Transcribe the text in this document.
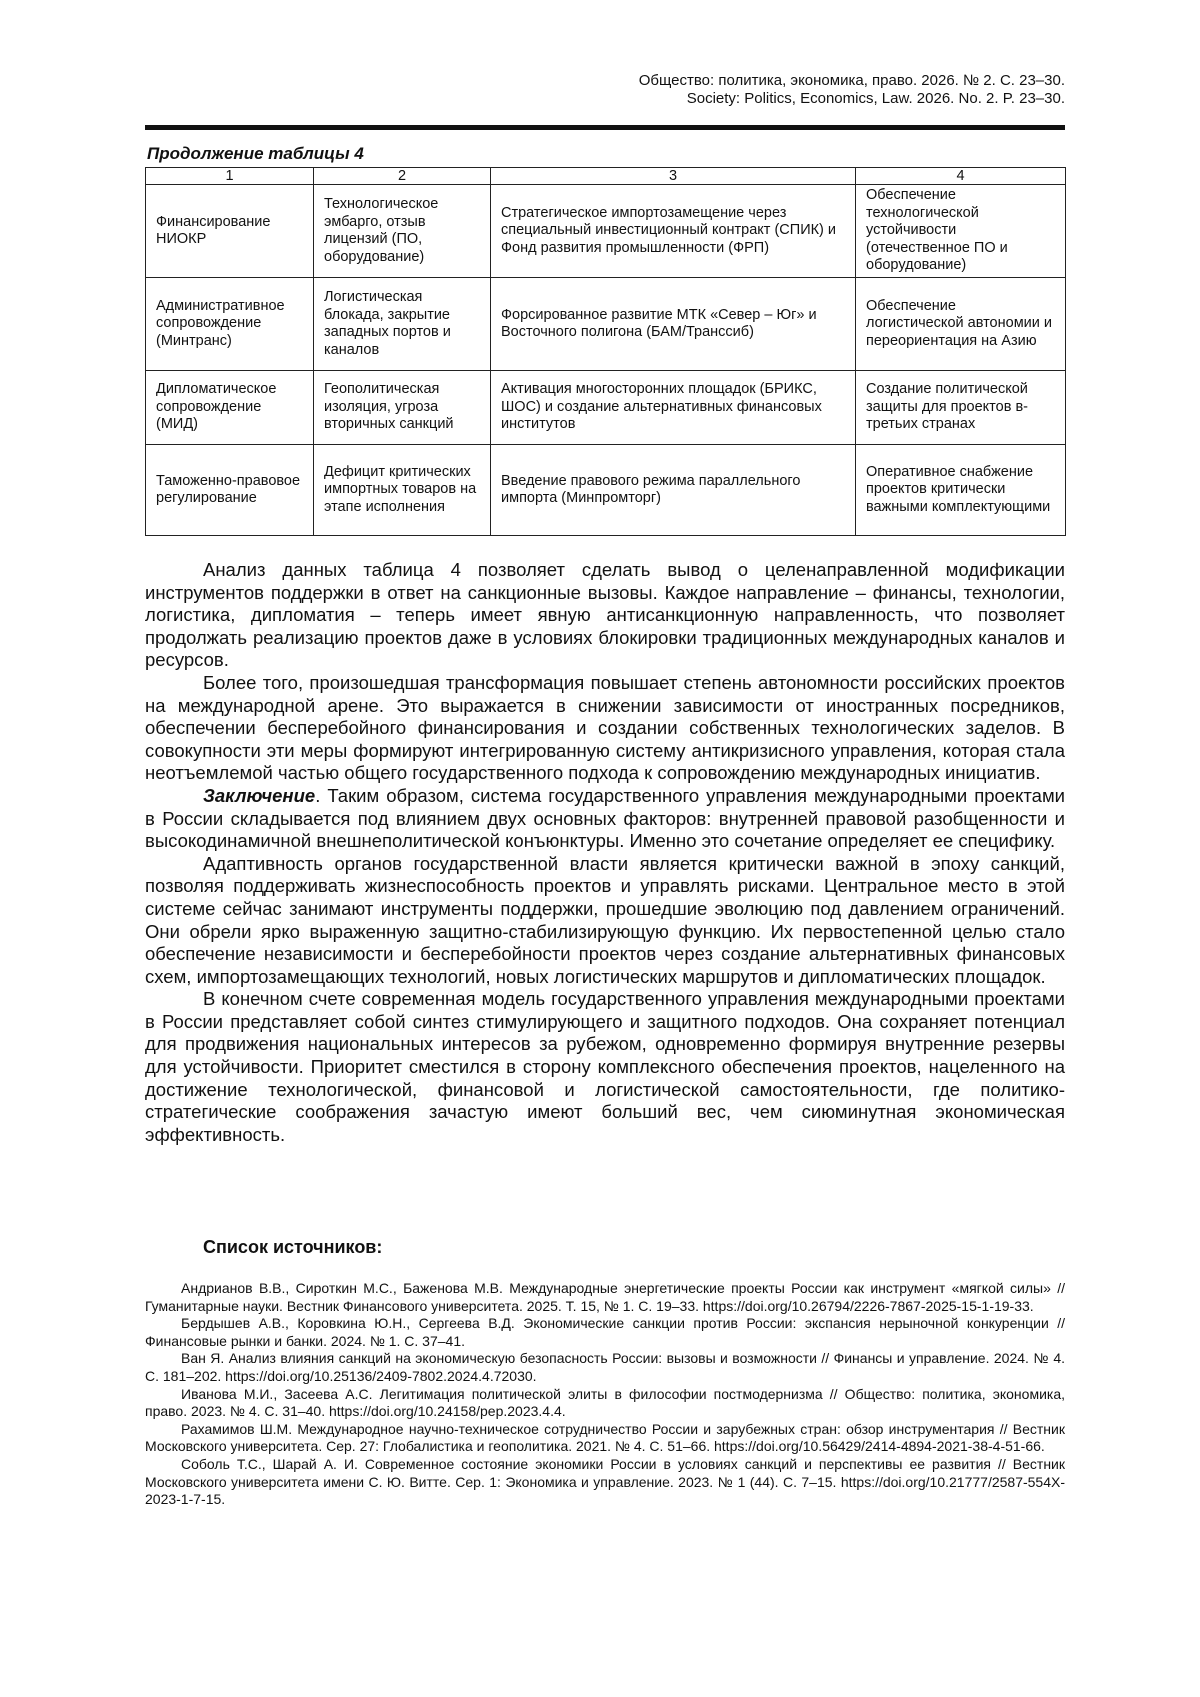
Общество: политика, экономика, право. 2026. № 2. С. 23–30.
Society: Politics, Economics, Law. 2026. No. 2. P. 23–30.
Продолжение таблицы 4
1	2	3	4
Финансирование НИОКР	Технологическое эмбарго, отзыв лицензий (ПО, оборудование)	Стратегическое импортозамещение через специальный инвестиционный контракт (СПИК) и Фонд развития промышленности (ФРП)	Обеспечение технологической устойчивости (отечественное ПО и оборудование)
Административное сопровождение (Минтранс)	Логистическая блокада, закрытие западных портов и каналов	Форсированное развитие МТК «Север – Юг» и Восточного полигона (БАМ/Транссиб)	Обеспечение логистической автономии и переориентация на Азию
Дипломатическое сопровождение (МИД)	Геополитическая изоляция, угроза вторичных санкций	Активация многосторонних площадок (БРИКС, ШОС) и создание альтернативных финансовых институтов	Создание политической защиты для проектов в-третьих странах
Таможенно-правовое регулирование	Дефицит критических импортных товаров на этапе исполнения	Введение правового режима параллельного импорта (Минпромторг)	Оперативное снабжение проектов критически важными комплектующими

Анализ данных таблица 4 позволяет сделать вывод о целенаправленной модификации инструментов поддержки в ответ на санкционные вызовы. Каждое направление – финансы, технологии, логистика, дипломатия – теперь имеет явную антисанкционную направленность, что позволяет продолжать реализацию проектов даже в условиях блокировки традиционных международных каналов и ресурсов.

Более того, произошедшая трансформация повышает степень автономности российских проектов на международной арене. Это выражается в снижении зависимости от иностранных посредников, обеспечении бесперебойного финансирования и создании собственных технологических заделов. В совокупности эти меры формируют интегрированную систему антикризисного управления, которая стала неотъемлемой частью общего государственного подхода к сопровождению международных инициатив.

Заключение. Таким образом, система государственного управления международными проектами в России складывается под влиянием двух основных факторов: внутренней правовой разобщенности и высокодинамичной внешнеполитической конъюнктуры. Именно это сочетание определяет ее специфику.

Адаптивность органов государственной власти является критически важной в эпоху санкций, позволяя поддерживать жизнеспособность проектов и управлять рисками. Центральное место в этой системе сейчас занимают инструменты поддержки, прошедшие эволюцию под давлением ограничений. Они обрели ярко выраженную защитно-стабилизирующую функцию. Их первостепенной целью стало обеспечение независимости и бесперебойности проектов через создание альтернативных финансовых схем, импортозамещающих технологий, новых логистических маршрутов и дипломатических площадок.

В конечном счете современная модель государственного управления международными проектами в России представляет собой синтез стимулирующего и защитного подходов. Она сохраняет потенциал для продвижения национальных интересов за рубежом, одновременно формируя внутренние резервы для устойчивости. Приоритет сместился в сторону комплексного обеспечения проектов, нацеленного на достижение технологической, финансовой и логистической самостоятельности, где политико-стратегические соображения зачастую имеют больший вес, чем сиюминутная экономическая эффективность.

Список источников:

Андрианов В.В., Сироткин М.С., Баженова М.В. Международные энергетические проекты России как инструмент «мягкой силы» // Гуманитарные науки. Вестник Финансового университета. 2025. Т. 15, № 1. С. 19–33. https://doi.org/10.26794/2226-7867-2025-15-1-19-33.

Бердышев А.В., Коровкина Ю.Н., Сергеева В.Д. Экономические санкции против России: экспансия нерыночной конкуренции // Финансовые рынки и банки. 2024. № 1. С. 37–41.

Ван Я. Анализ влияния санкций на экономическую безопасность России: вызовы и возможности // Финансы и управление. 2024. № 4. С. 181–202. https://doi.org/10.25136/2409-7802.2024.4.72030.

Иванова М.И., Засеева А.С. Легитимация политической элиты в философии постмодернизма // Общество: политика, экономика, право. 2023. № 4. С. 31–40. https://doi.org/10.24158/pep.2023.4.4.

Рахамимов Ш.М. Международное научно-техническое сотрудничество России и зарубежных стран: обзор инструментария // Вестник Московского университета. Сер. 27: Глобалистика и геополитика. 2021. № 4. С. 51–66. https://doi.org/10.56429/2414-4894-2021-38-4-51-66.

Соболь Т.С., Шарай А. И. Современное состояние экономики России в условиях санкций и перспективы ее развития // Вестник Московского университета имени С. Ю. Витте. Сер. 1: Экономика и управление. 2023. № 1 (44). С. 7–15. https://doi.org/10.21777/2587-554X-2023-1-7-15.
